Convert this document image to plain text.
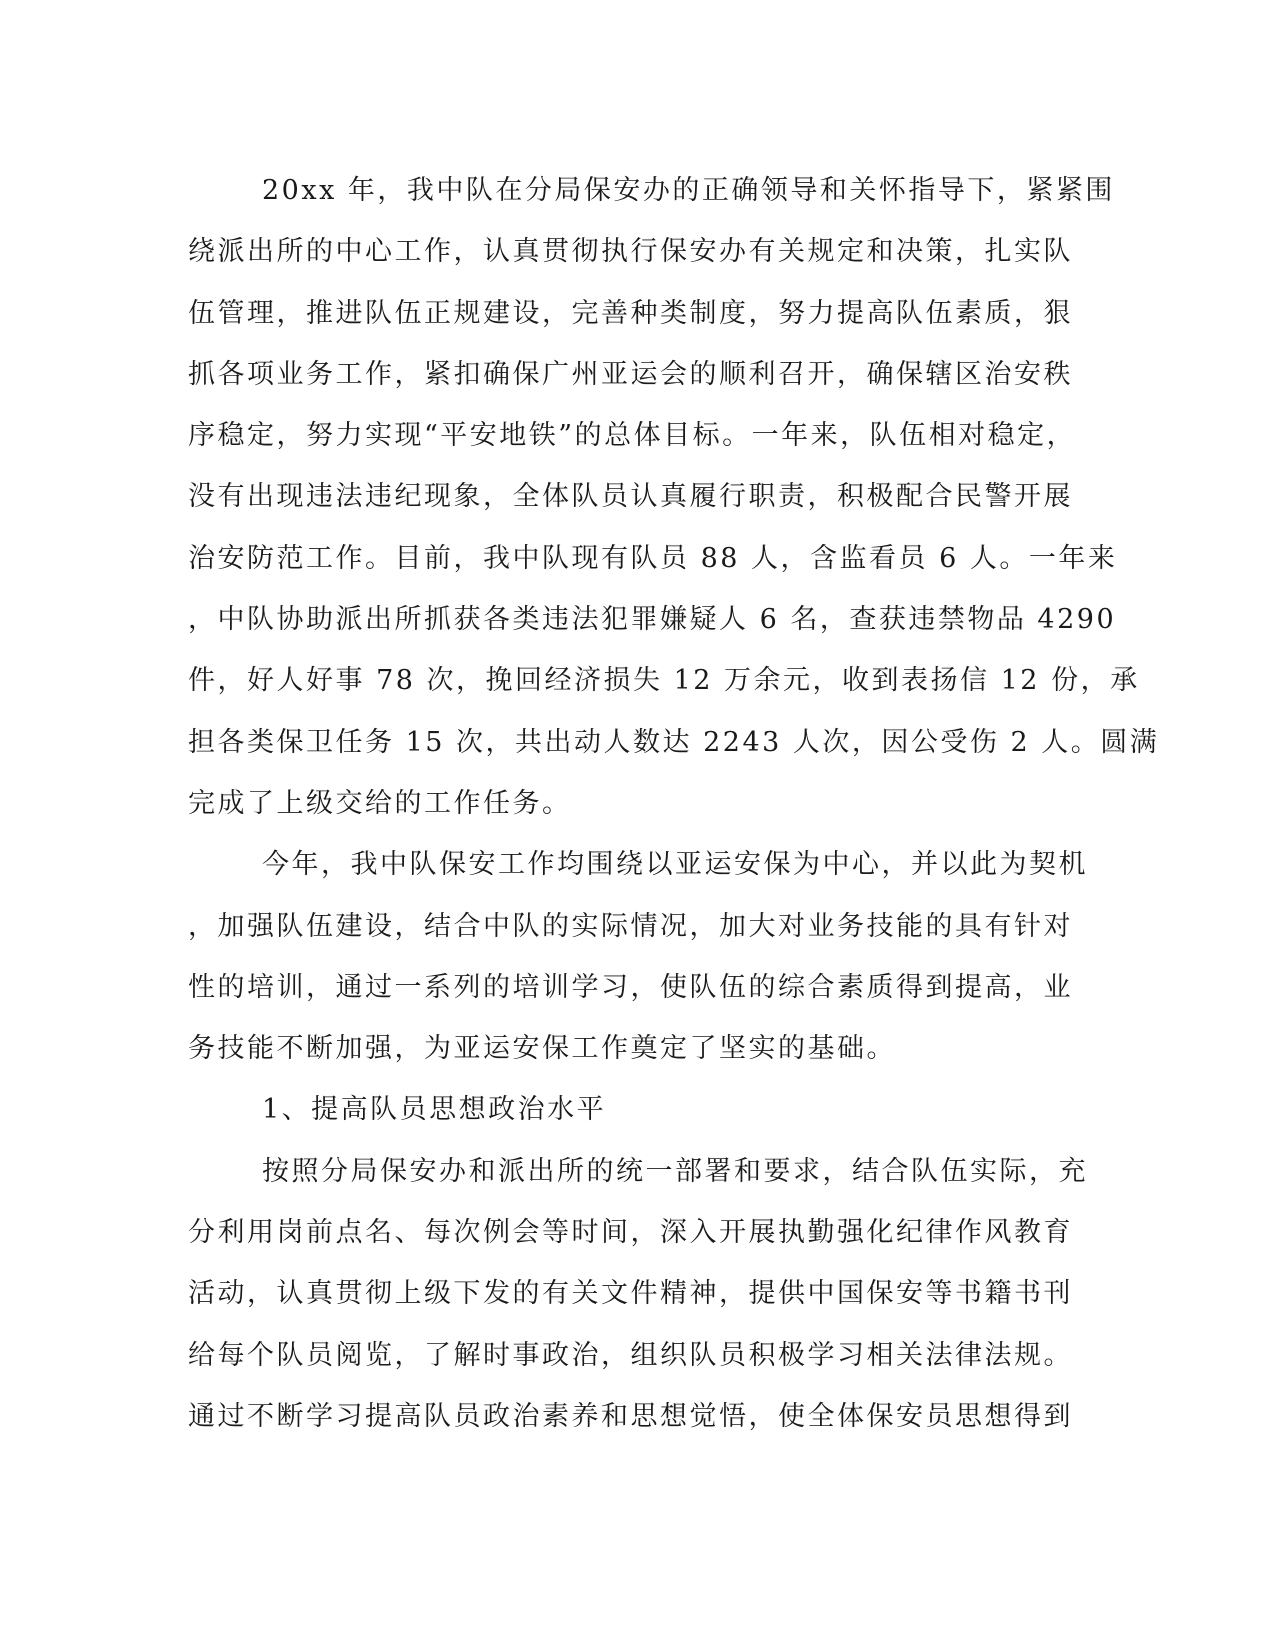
20xx 年，我中队在分局保安办的正确领导和关怀指导下，紧紧围
绕派出所的中心工作，认真贯彻执行保安办有关规定和决策，扎实队
伍管理，推进队伍正规建设，完善种类制度，努力提高队伍素质，狠
抓各项业务工作，紧扣确保广州亚运会的顺利召开，确保辖区治安秩
序稳定，努力实现“平安地铁”的总体目标。一年来，队伍相对稳定，
没有出现违法违纪现象，全体队员认真履行职责，积极配合民警开展
治安防范工作。目前，我中队现有队员 88 人，含监看员 6 人。一年来
，中队协助派出所抓获各类违法犯罪嫌疑人 6 名，查获违禁物品 4290
件，好人好事 78 次，挽回经济损失 12 万余元，收到表扬信 12 份，承
担各类保卫任务 15 次，共出动人数达 2243 人次，因公受伤 2 人。圆满
完成了上级交给的工作任务。
今年，我中队保安工作均围绕以亚运安保为中心，并以此为契机
，加强队伍建设，结合中队的实际情况，加大对业务技能的具有针对
性的培训，通过一系列的培训学习，使队伍的综合素质得到提高，业
务技能不断加强，为亚运安保工作奠定了坚实的基础。
1、提高队员思想政治水平
按照分局保安办和派出所的统一部署和要求，结合队伍实际，充
分利用岗前点名、每次例会等时间，深入开展执勤强化纪律作风教育
活动，认真贯彻上级下发的有关文件精神，提供中国保安等书籍书刊
给每个队员阅览，了解时事政治，组织队员积极学习相关法律法规。
通过不断学习提高队员政治素养和思想觉悟，使全体保安员思想得到
